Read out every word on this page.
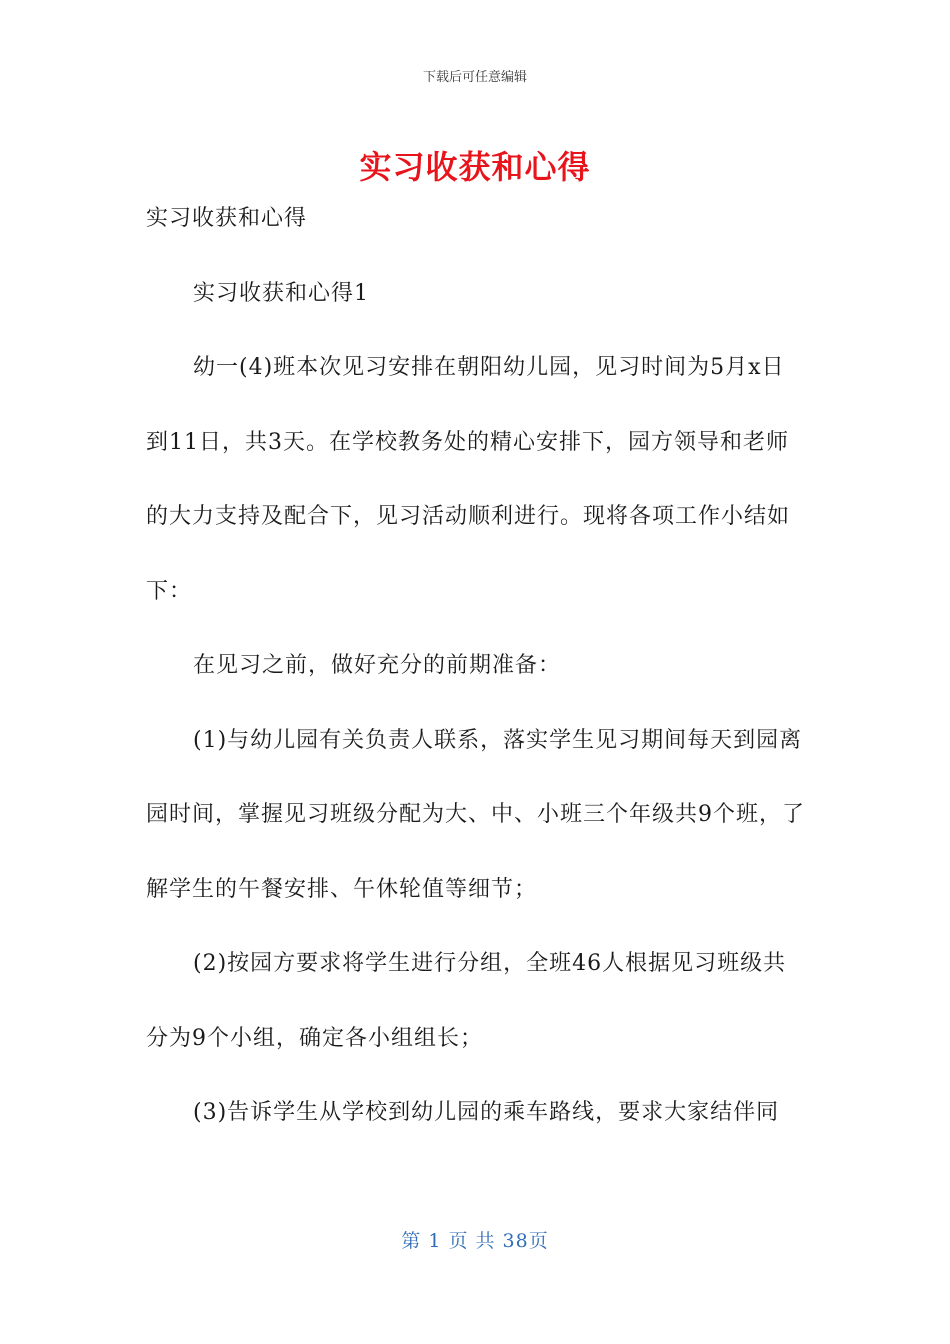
下载后可任意编辑
实习收获和心得

实习收获和心得

实习收获和心得1

幼一(4)班本次见习安排在朝阳幼儿园，见习时间为5月x日到11日，共3天。在学校教务处的精心安排下，园方领导和老师的大力支持及配合下，见习活动顺利进行。现将各项工作小结如下：

在见习之前，做好充分的前期准备：

(1)与幼儿园有关负责人联系，落实学生见习期间每天到园离园时间，掌握见习班级分配为大、中、小班三个年级共9个班，了解学生的午餐安排、午休轮值等细节；

(2)按园方要求将学生进行分组，全班46人根据见习班级共分为9个小组，确定各小组组长；

(3)告诉学生从学校到幼儿园的乘车路线，要求大家结伴同

第 1 页 共 38页
